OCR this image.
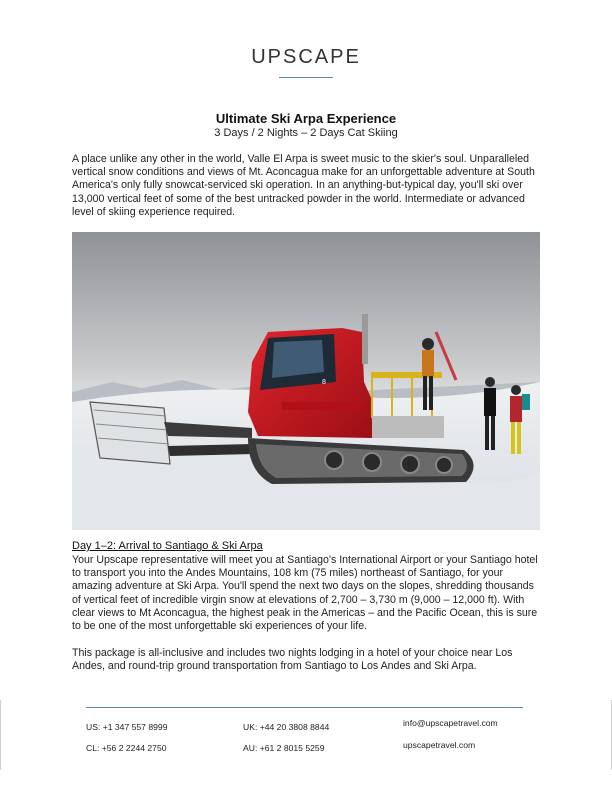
UPSCAPE
Ultimate Ski Arpa Experience
3 Days / 2 Nights – 2 Days Cat Skiing
A place unlike any other in the world, Valle El Arpa is sweet music to the skier's soul. Unparalleled vertical snow conditions and views of Mt. Aconcagua make for an unforgettable adventure at South America's only fully snowcat-serviced ski operation. In an anything-but-typical day, you'll ski over 13,000 vertical feet of some of the best untracked powder in the world. Intermediate or advanced level of skiing experience required.
8
Day 1–2: Arrival to Santiago & Ski Arpa
Your Upscape representative will meet you at Santiago's International Airport or your Santiago hotel to transport you into the Andes Mountains, 108 km (75 miles) northeast of Santiago, for your amazing adventure at Ski Arpa. You'll spend the next two days on the slopes, shredding thousands of vertical feet of incredible virgin snow at elevations of 2,700 – 3,730 m (9,000 – 12,000 ft). With clear views to Mt Aconcagua, the highest peak in the Americas – and the Pacific Ocean, this is sure to be one of the most unforgettable ski experiences of your life.
This package is all-inclusive and includes two nights lodging in a hotel of your choice near Los Andes, and round-trip ground transportation from Santiago to Los Andes and Ski Arpa.
US: +1 347 557 8999	UK: +44 20 3808 8844	info@upscapetravel.com
CL: +56 2 2244 2750	AU: +61 2 8015 5259	upscapetravel.com
